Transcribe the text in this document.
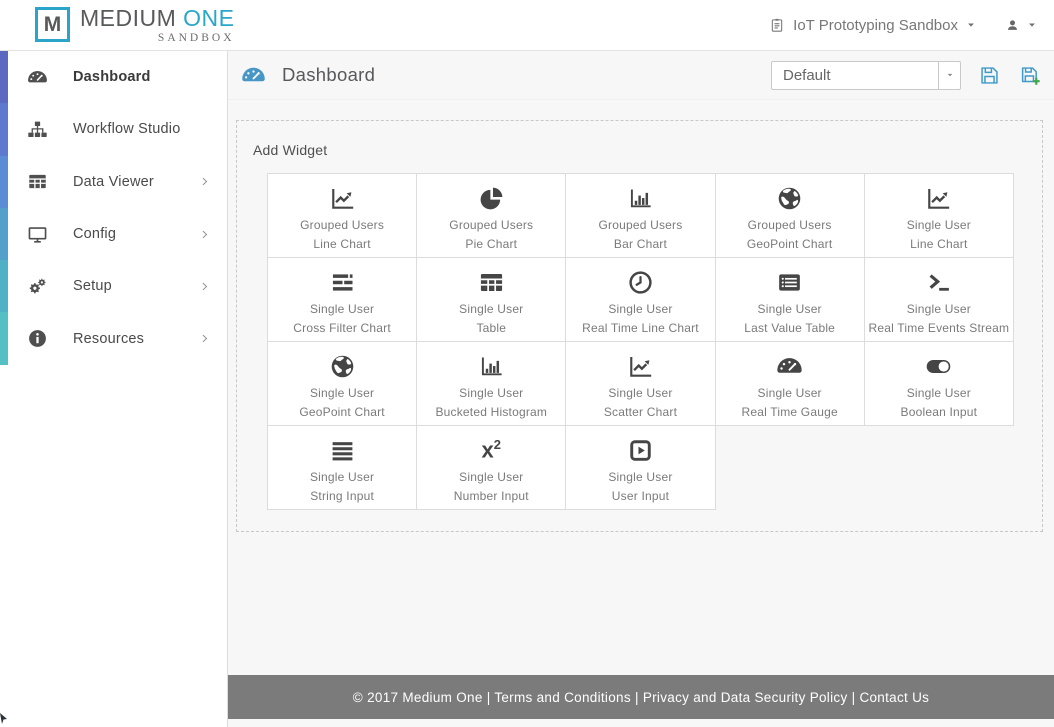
M MEDIUM ONE
SANDBOX
IoT Prototyping Sandbox
Dashboard
Workflow Studio
Data Viewer
Config
Setup
Resources
Dashboard	Default
Add Widget
Grouped Users
Line Chart
Grouped Users
Pie Chart
Grouped Users
Bar Chart
Grouped Users
GeoPoint Chart
Single User
Line Chart
Single User
Cross Filter Chart
Single User
Table
Single User
Real Time Line Chart
Single User
Last Value Table
Single User
Real Time Events Stream
Single User
GeoPoint Chart
Single User
Bucketed Histogram
Single User
Scatter Chart
Single User
Real Time Gauge
Single User
Boolean Input
Single User
String Input
$x^2$
Single User
Number Input
Single User
User Input
© 2017 Medium One | Terms and Conditions | Privacy and Data Security Policy | Contact Us
